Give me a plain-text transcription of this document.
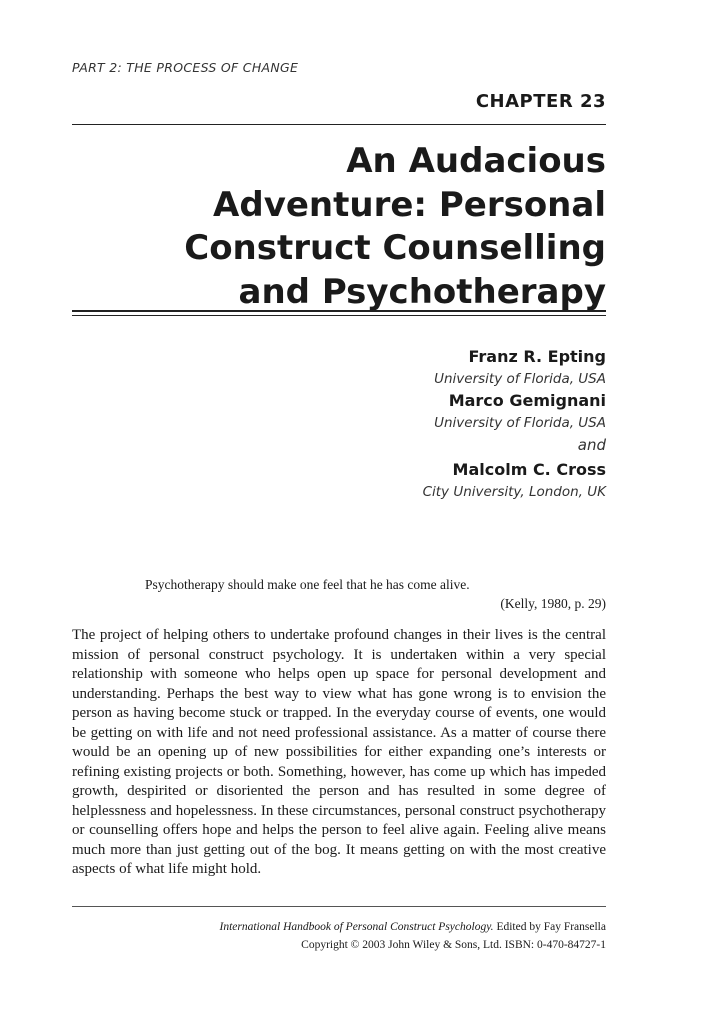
PART 2: THE PROCESS OF CHANGE
CHAPTER 23
An Audacious
Adventure: Personal
Construct Counselling
and Psychotherapy
Franz R. Epting
University of Florida, USA
Marco Gemignani
University of Florida, USA
and
Malcolm C. Cross
City University, London, UK
Psychotherapy should make one feel that he has come alive.
(Kelly, 1980, p. 29)

The project of helping others to undertake profound changes in their lives is the central mission of personal construct psychology. It is undertaken within a very special relationship with someone who helps open up space for personal development and understanding. Perhaps the best way to view what has gone wrong is to envision the person as having become stuck or trapped. In the everyday course of events, one would be getting on with life and not need professional assistance. As a matter of course there would be an opening up of new possibilities for either expanding one’s interests or refining existing projects or both. Something, however, has come up which has impeded growth, despirited or disoriented the person and has resulted in some degree of helplessness and hopelessness. In these circumstances, personal construct psychotherapy or counselling offers hope and helps the person to feel alive again. Feeling alive means much more than just getting out of the bog. It means getting on with the most creative aspects of what life might hold.

International Handbook of Personal Construct Psychology. Edited by Fay Fransella
Copyright © 2003 John Wiley & Sons, Ltd. ISBN: 0-470-84727-1
